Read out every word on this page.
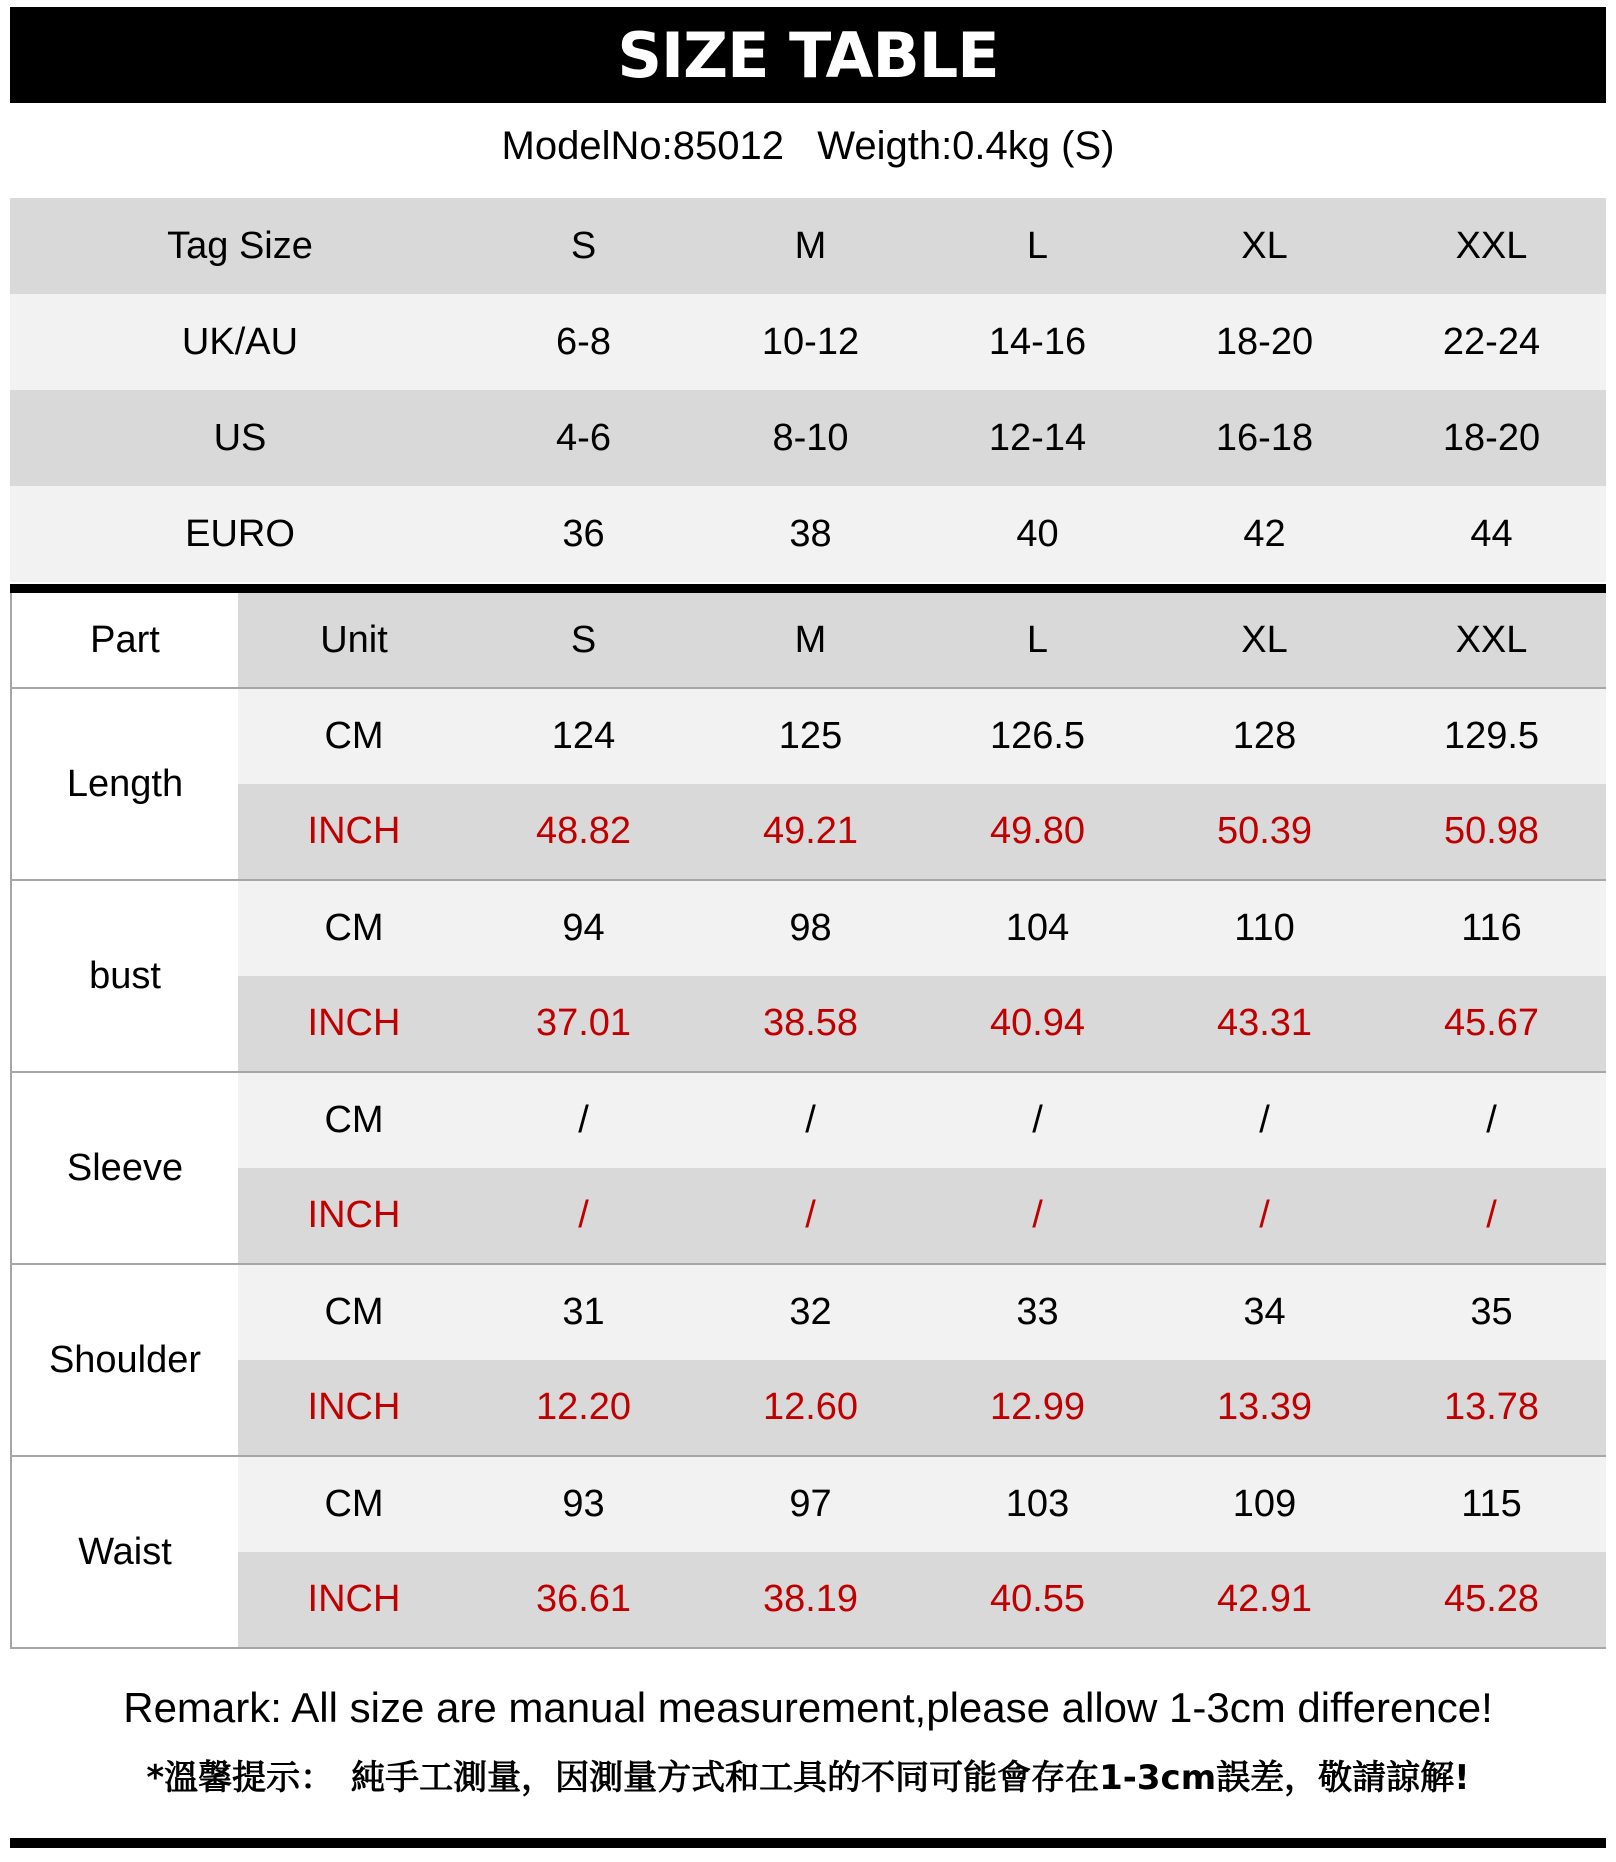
SIZE TABLE
ModelNo:85012
Weigth:0.4kg (S)
Tag Size	S	M	L	XL	XXL
UK/AU	6-8	10-12	14-16	18-20	22-24
US	4-6	8-10	12-14	16-18	18-20
EURO	36	38	40	42	44
Part	Unit	S	M	L	XL	XXL
Length
CM	124	125	126.5	128	129.5
INCH	48.82	49.21	49.80	50.39	50.98
bust
CM	94	98	104	110	116
INCH	37.01	38.58	40.94	43.31	45.67
Sleeve
CM	/	/	/	/	/
INCH	/	/	/	/	/
Shoulder
CM	31	32	33	34	35
INCH	12.20	12.60	12.99	13.39	13.78
Waist
CM	93	97	103	109	115
INCH	36.61	38.19	40.55	42.91	45.28
Remark: All size are manual measurement,please allow 1-3cm difference!
*溫馨提示：　純手工測量，因測量方式和工具的不同可能會存在1-3cm誤差，敬請諒解!
